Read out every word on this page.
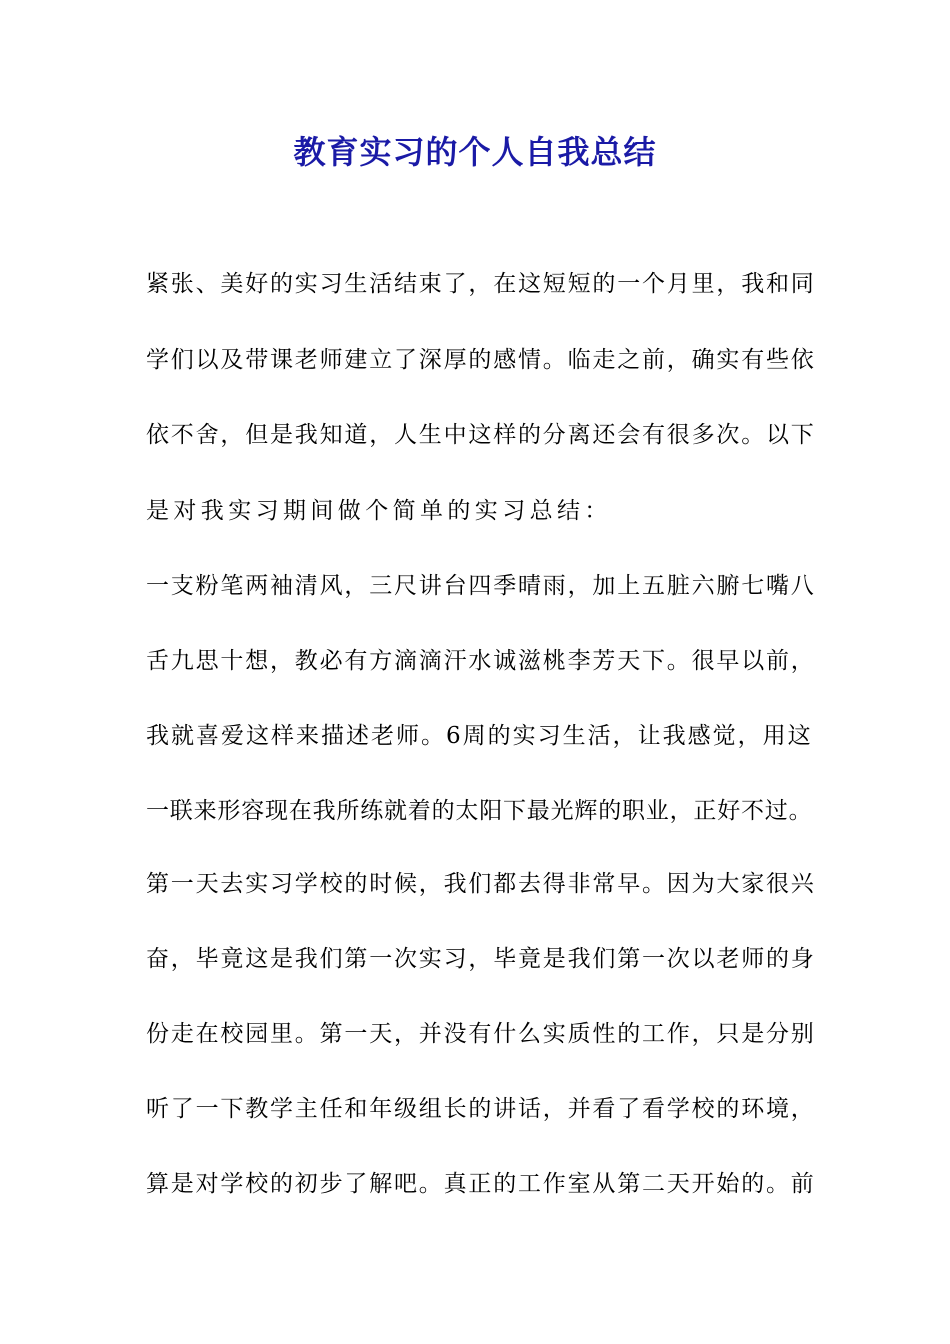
教育实习的个人自我总结

紧张、美好的实习生活结束了，在这短短的一个月里，我和同

学们以及带课老师建立了深厚的感情。临走之前，确实有些依

依不舍，但是我知道，人生中这样的分离还会有很多次。以下

是对我实习期间做个简单的实习总结：

一支粉笔两袖清风，三尺讲台四季晴雨，加上五脏六腑七嘴八

舌九思十想，教必有方滴滴汗水诚滋桃李芳天下。很早以前，

我就喜爱这样来描述老师。6周的实习生活，让我感觉，用这

一联来形容现在我所练就着的太阳下最光辉的职业，正好不过。

第一天去实习学校的时候，我们都去得非常早。因为大家很兴

奋，毕竟这是我们第一次实习，毕竟是我们第一次以老师的身

份走在校园里。第一天，并没有什么实质性的工作，只是分别

听了一下教学主任和年级组长的讲话，并看了看学校的环境，

算是对学校的初步了解吧。真正的工作室从第二天开始的。前
